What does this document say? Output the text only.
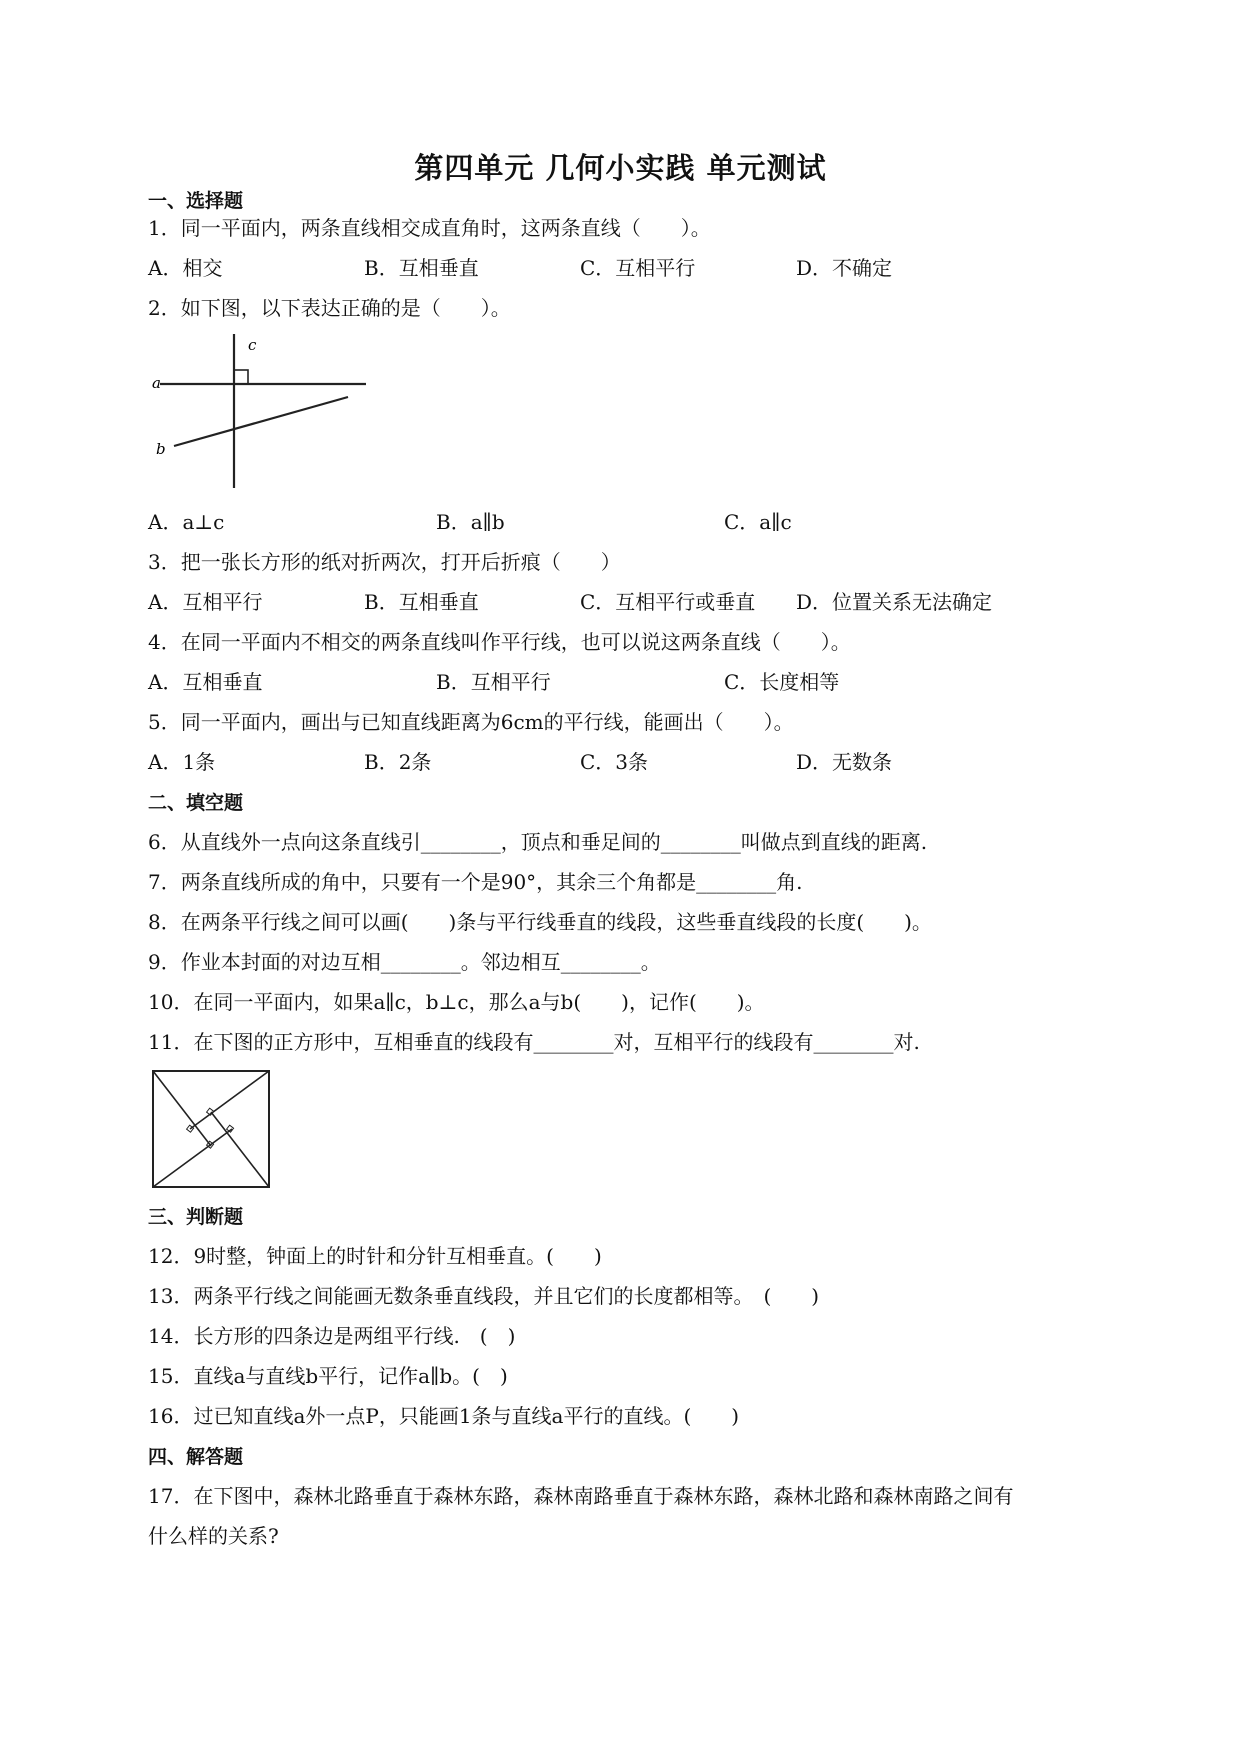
第四单元 几何小实践 单元测试
一、选择题
1．同一平面内，两条直线相交成直角时，这两条直线（　　）。
A．相交	B．互相垂直	C．互相平行	D．不确定
2．如下图，以下表达正确的是（　　）。
c
a
b
A．a⊥c	B．a∥b	C．a∥c
3．把一张长方形的纸对折两次，打开后折痕（　　）
A．互相平行	B．互相垂直	C．互相平行或垂直 D．位置关系无法确定
4．在同一平面内不相交的两条直线叫作平行线，也可以说这两条直线（　　）。
A．互相垂直	B．互相平行	C．长度相等
5．同一平面内，画出与已知直线距离为6cm的平行线，能画出（　　）。
A．1条	B．2条	C．3条	D．无数条
二、填空题
6．从直线外一点向这条直线引________，顶点和垂足间的________叫做点到直线的距离.
7．两条直线所成的角中，只要有一个是90°，其余三个角都是________角.
8．在两条平行线之间可以画(　　)条与平行线垂直的线段，这些垂直线段的长度(　　)。
9．作业本封面的对边互相________。邻边相互________。
10．在同一平面内，如果a∥c，b⊥c，那么a与b(　　)，记作(　　)。
11．在下图的正方形中，互相垂直的线段有________对，互相平行的线段有________对.
三、判断题
12．9时整，钟面上的时针和分针互相垂直。(　　)
13．两条平行线之间能画无数条垂直线段，并且它们的长度都相等。　(　　)
14．长方形的四条边是两组平行线.　(　)
15．直线a与直线b平行，记作a∥b。(　)
16．过已知直线a外一点P，只能画1条与直线a平行的直线。(　　)
四、解答题
17．在下图中，森林北路垂直于森林东路，森林南路垂直于森林东路，森林北路和森林南路之间有
什么样的关系?
